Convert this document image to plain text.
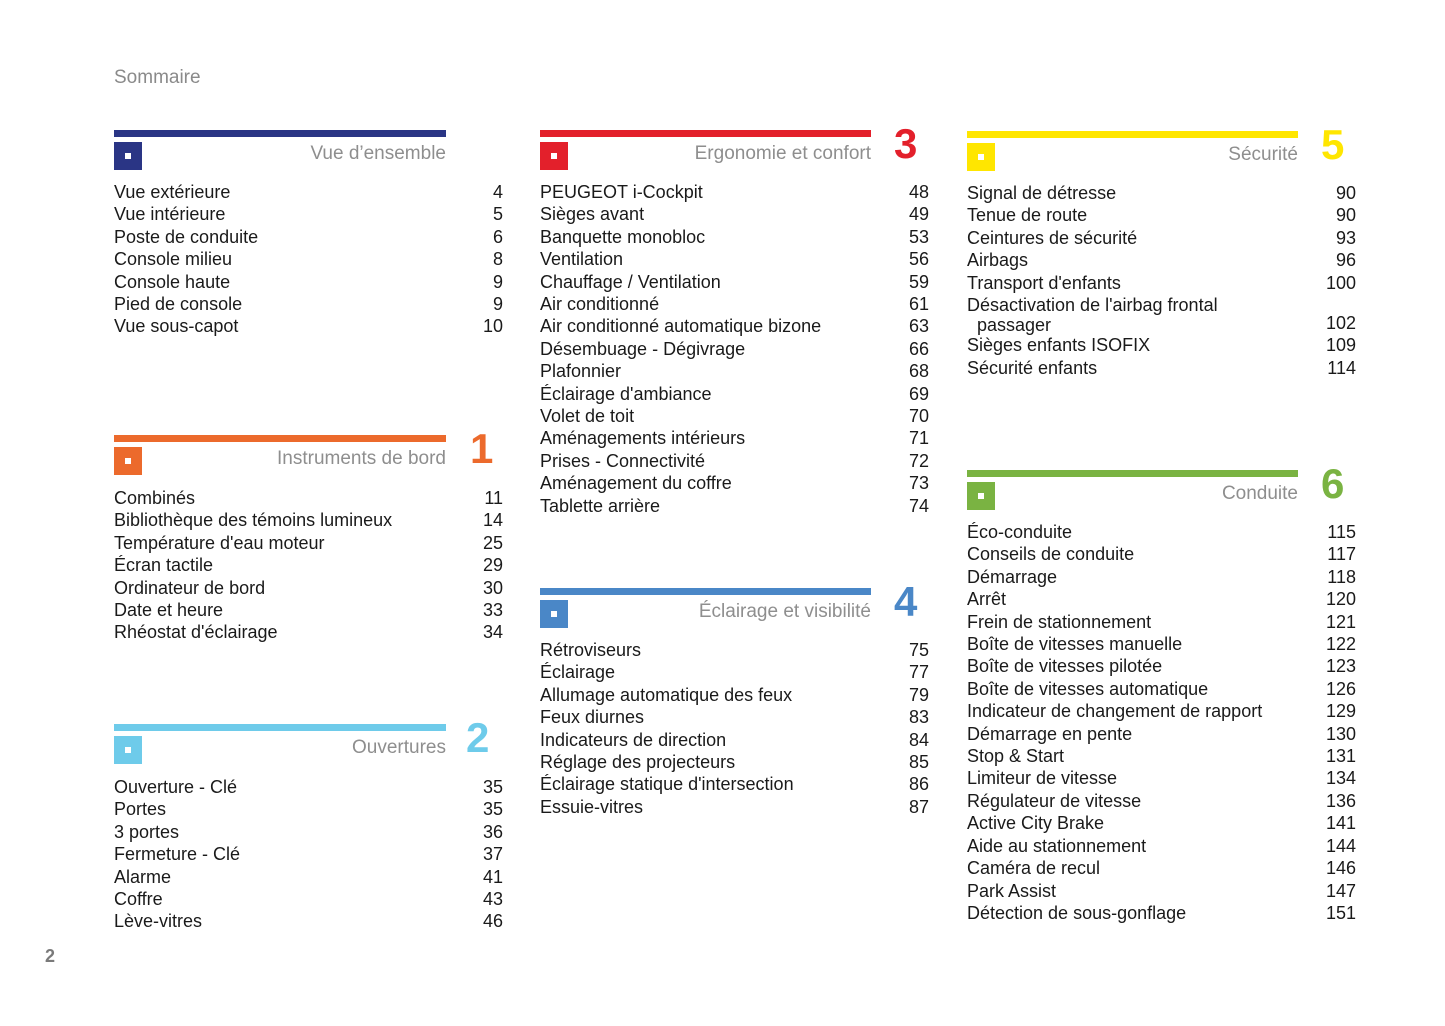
Sommaire
Vue d’ensemble
Instruments de bord 1
Ouvertures 2
Ergonomie et confort 3
Éclairage et visibilité 4
Sécurité 5
Conduite 6
Vue extérieure	4
Vue intérieure	5
Poste de conduite	6
Console milieu	8
Console haute	9
Pied de console	9
Vue sous-capot	10
Combinés	11
Bibliothèque des témoins lumineux	14
Température d'eau moteur	25
Écran tactile	29
Ordinateur de bord	30
Date et heure	33
Rhéostat d'éclairage	34
Ouverture - Clé	35
Portes	35
3 portes	36
Fermeture - Clé	37
Alarme	41
Coffre	43
Lève-vitres	46
PEUGEOT i-Cockpit	48
Sièges avant	49
Banquette monobloc	53
Ventilation	56
Chauffage / Ventilation	59
Air conditionné	61
Air conditionné automatique bizone	63
Désembuage - Dégivrage	66
Plafonnier	68
Éclairage d'ambiance	69
Volet de toit	70
Aménagements intérieurs	71
Prises - Connectivité	72
Aménagement du coffre	73
Tablette arrière	74
Rétroviseurs	75
Éclairage	77
Allumage automatique des feux	79
Feux diurnes	83
Indicateurs de direction	84
Réglage des projecteurs	85
Éclairage statique d'intersection	86
Essuie-vitres	87
Signal de détresse	90
Tenue de route	90
Ceintures de sécurité	93
Airbags	96
Transport d'enfants	100
Désactivation de l'airbag frontal
passager	102
Sièges enfants ISOFIX	109
Sécurité enfants	114
Éco-conduite	115
Conseils de conduite	117
Démarrage	118
Arrêt	120
Frein de stationnement	121
Boîte de vitesses manuelle	122
Boîte de vitesses pilotée	123
Boîte de vitesses automatique	126
Indicateur de changement de rapport	129
Démarrage en pente	130
Stop & Start	131
Limiteur de vitesse	134
Régulateur de vitesse	136
Active City Brake	141
Aide au stationnement	144
Caméra de recul	146
Park Assist	147
Détection de sous-gonflage	151
2
